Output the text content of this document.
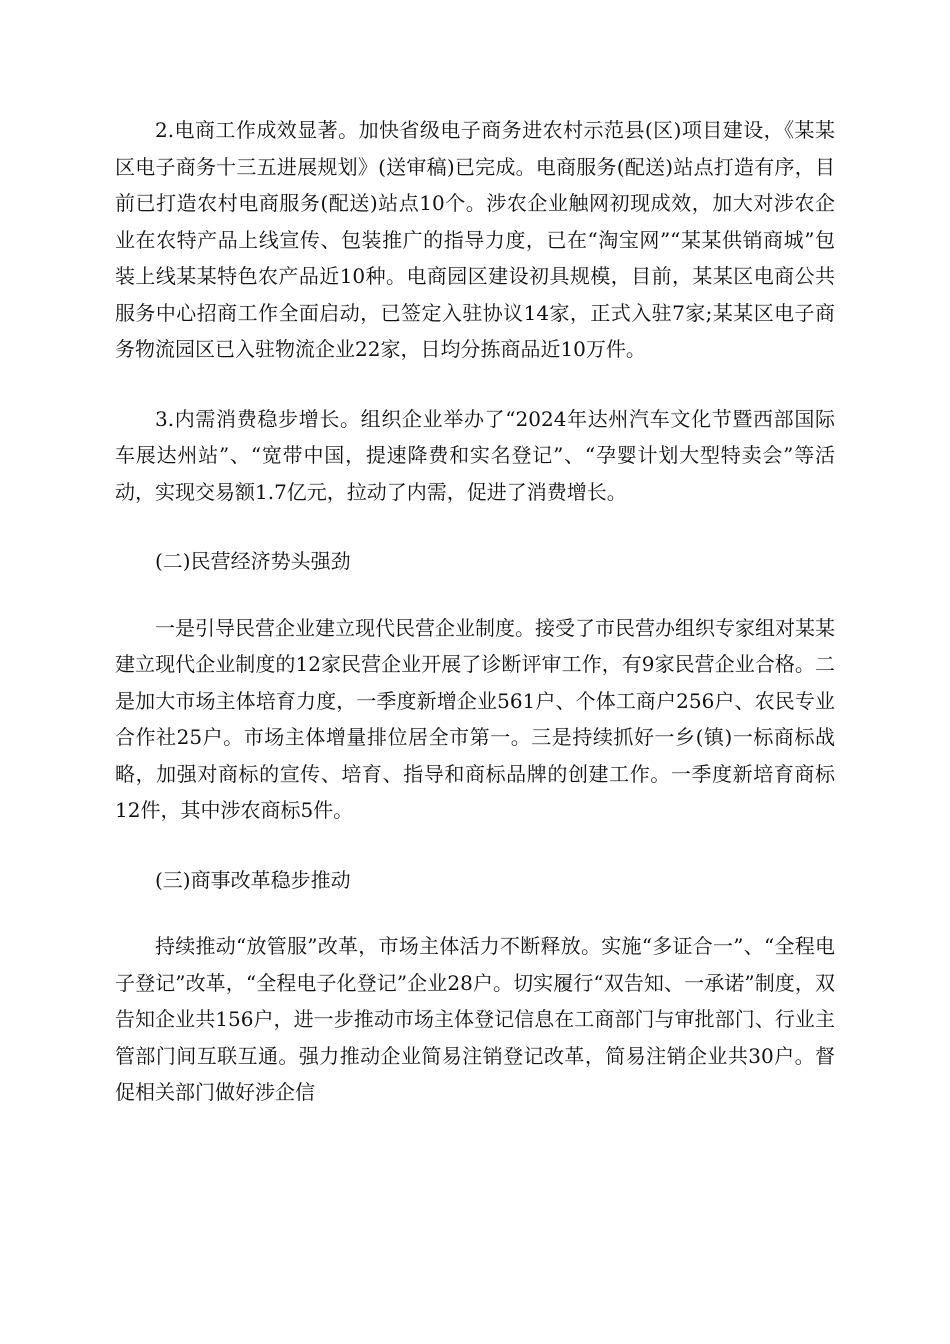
2.电商工作成效显著。加快省级电子商务进农村示范县(区)项目建设，《某某区电子商务十三五进展规划》(送审稿)已完成。电商服务(配送)站点打造有序，目前已打造农村电商服务(配送)站点10个。涉农企业触网初现成效，加大对涉农企业在农特产品上线宣传、包装推广的指导力度，已在“淘宝网”“某某供销商城”包装上线某某特色农产品近10种。电商园区建设初具规模，目前，某某区电商公共服务中心招商工作全面启动，已签定入驻协议14家，正式入驻7家;某某区电子商务物流园区已入驻物流企业22家，日均分拣商品近10万件。

3.内需消费稳步增长。组织企业举办了“2024年达州汽车文化节暨西部国际车展达州站”、“宽带中国，提速降费和实名登记”、“孕婴计划大型特卖会”等活动，实现交易额1.7亿元，拉动了内需，促进了消费增长。

(二)民营经济势头强劲

一是引导民营企业建立现代民营企业制度。接受了市民营办组织专家组对某某建立现代企业制度的12家民营企业开展了诊断评审工作，有9家民营企业合格。二是加大市场主体培育力度，一季度新增企业561户、个体工商户256户、农民专业合作社25户。市场主体增量排位居全市第一。三是持续抓好一乡(镇)一标商标战略，加强对商标的宣传、培育、指导和商标品牌的创建工作。一季度新培育商标12件，其中涉农商标5件。

(三)商事改革稳步推动

持续推动“放管服”改革，市场主体活力不断释放。实施“多证合一”、“全程电子登记”改革，“全程电子化登记”企业28户。切实履行“双告知、一承诺”制度，双告知企业共156户，进一步推动市场主体登记信息在工商部门与审批部门、行业主管部门间互联互通。强力推动企业简易注销登记改革，简易注销企业共30户。督促相关部门做好涉企信
